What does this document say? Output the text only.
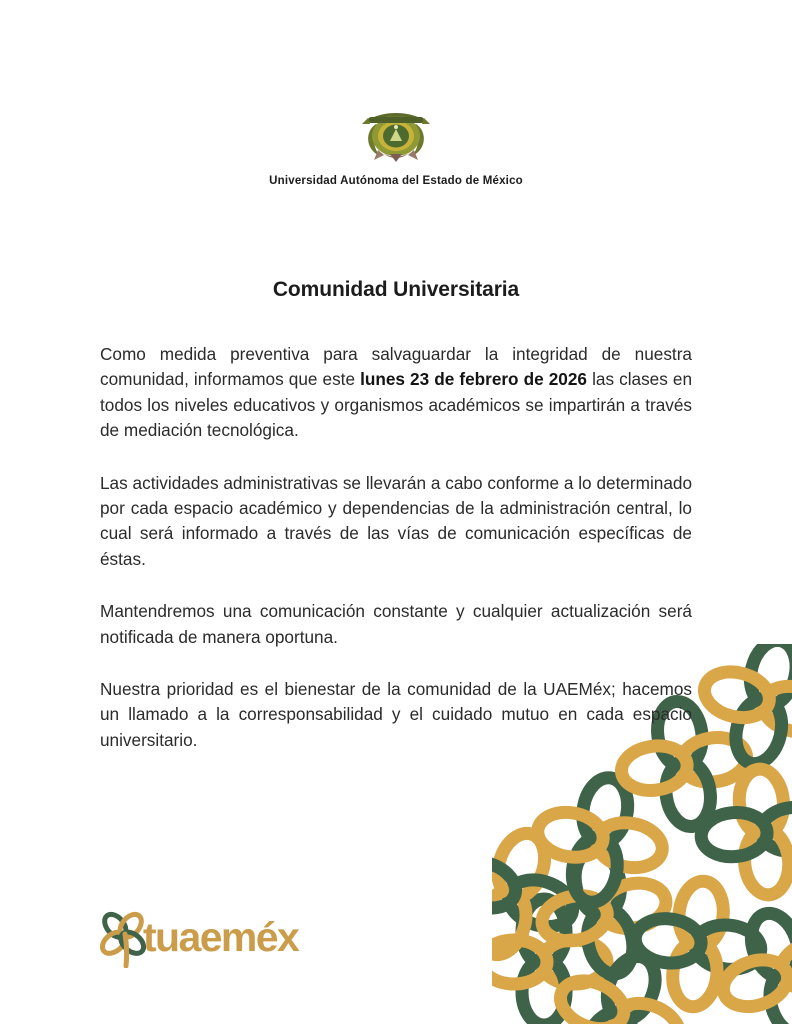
Universidad Autónoma del Estado de México
Comunidad Universitaria

Como medida preventiva para salvaguardar la integridad de nuestra comunidad, informamos que este lunes 23 de febrero de 2026 las clases en todos los niveles educativos y organismos académicos se impartirán a través de mediación tecnológica.

Las actividades administrativas se llevarán a cabo conforme a lo determinado por cada espacio académico y dependencias de la administración central, lo cual será informado a través de las vías de comunicación específicas de éstas.

Mantendremos una comunicación constante y cualquier actualización será notificada de manera oportuna.

Nuestra prioridad es el bienestar de la comunidad de la UAEMéx; hacemos un llamado a la corresponsabilidad y el cuidado mutuo en cada espacio universitario.

tuaeméx
